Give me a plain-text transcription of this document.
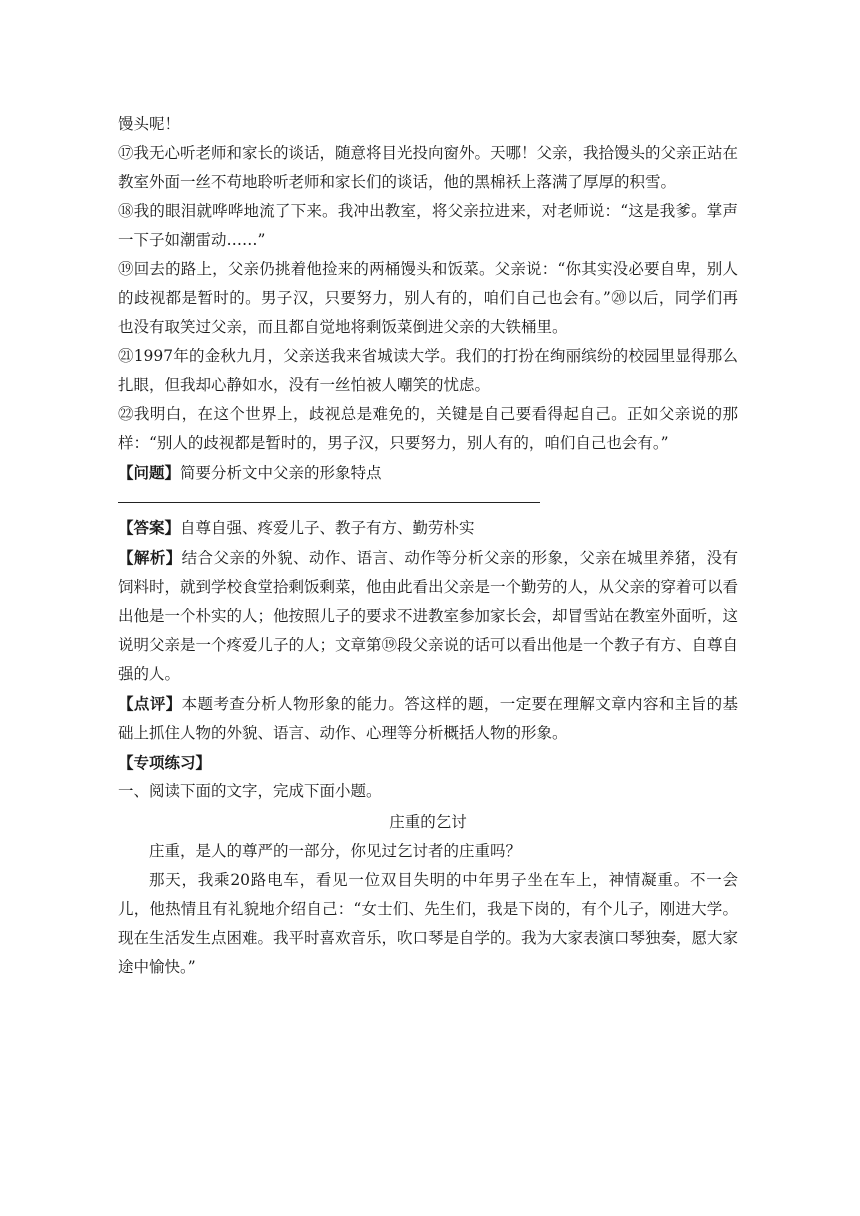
馒头呢！

⑰我无心听老师和家长的谈话，随意将目光投向窗外。天哪！父亲，我拾馒头的父亲正站在教室外面一丝不苟地聆听老师和家长们的谈话，他的黑棉袄上落满了厚厚的积雪。

⑱我的眼泪就哗哗地流了下来。我冲出教室，将父亲拉进来，对老师说：“这是我爹。掌声一下子如潮雷动……”

⑲回去的路上，父亲仍挑着他捡来的两桶馒头和饭菜。父亲说：“你其实没必要自卑，别人的歧视都是暂时的。男子汉，只要努力，别人有的，咱们自己也会有。”⑳以后，同学们再也没有取笑过父亲，而且都自觉地将剩饭菜倒进父亲的大铁桶里。

㉑1997年的金秋九月，父亲送我来省城读大学。我们的打扮在绚丽缤纷的校园里显得那么扎眼，但我却心静如水，没有一丝怕被人嘲笑的忧虑。

㉒我明白，在这个世界上，歧视总是难免的，关键是自己要看得起自己。正如父亲说的那样：“别人的歧视都是暂时的，男子汉，只要努力，别人有的，咱们自己也会有。”

【问题】简要分析文中父亲的形象特点

【答案】自尊自强、疼爱儿子、教子有方、勤劳朴实

【解析】结合父亲的外貌、动作、语言、动作等分析父亲的形象，父亲在城里养猪，没有饲料时，就到学校食堂拾剩饭剩菜，他由此看出父亲是一个勤劳的人，从父亲的穿着可以看出他是一个朴实的人；他按照儿子的要求不进教室参加家长会，却冒雪站在教室外面听，这说明父亲是一个疼爱儿子的人；文章第⑲段父亲说的话可以看出他是一个教子有方、自尊自强的人。

【点评】本题考查分析人物形象的能力。答这样的题，一定要在理解文章内容和主旨的基础上抓住人物的外貌、语言、动作、心理等分析概括人物的形象。

【专项练习】

一、阅读下面的文字，完成下面小题。

庄重的乞讨

庄重，是人的尊严的一部分，你见过乞讨者的庄重吗？

那天，我乘20路电车，看见一位双目失明的中年男子坐在车上，神情凝重。不一会儿，他热情且有礼貌地介绍自己：“女士们、先生们，我是下岗的，有个儿子，刚进大学。现在生活发生点困难。我平时喜欢音乐，吹口琴是自学的。我为大家表演口琴独奏，愿大家途中愉快。”
